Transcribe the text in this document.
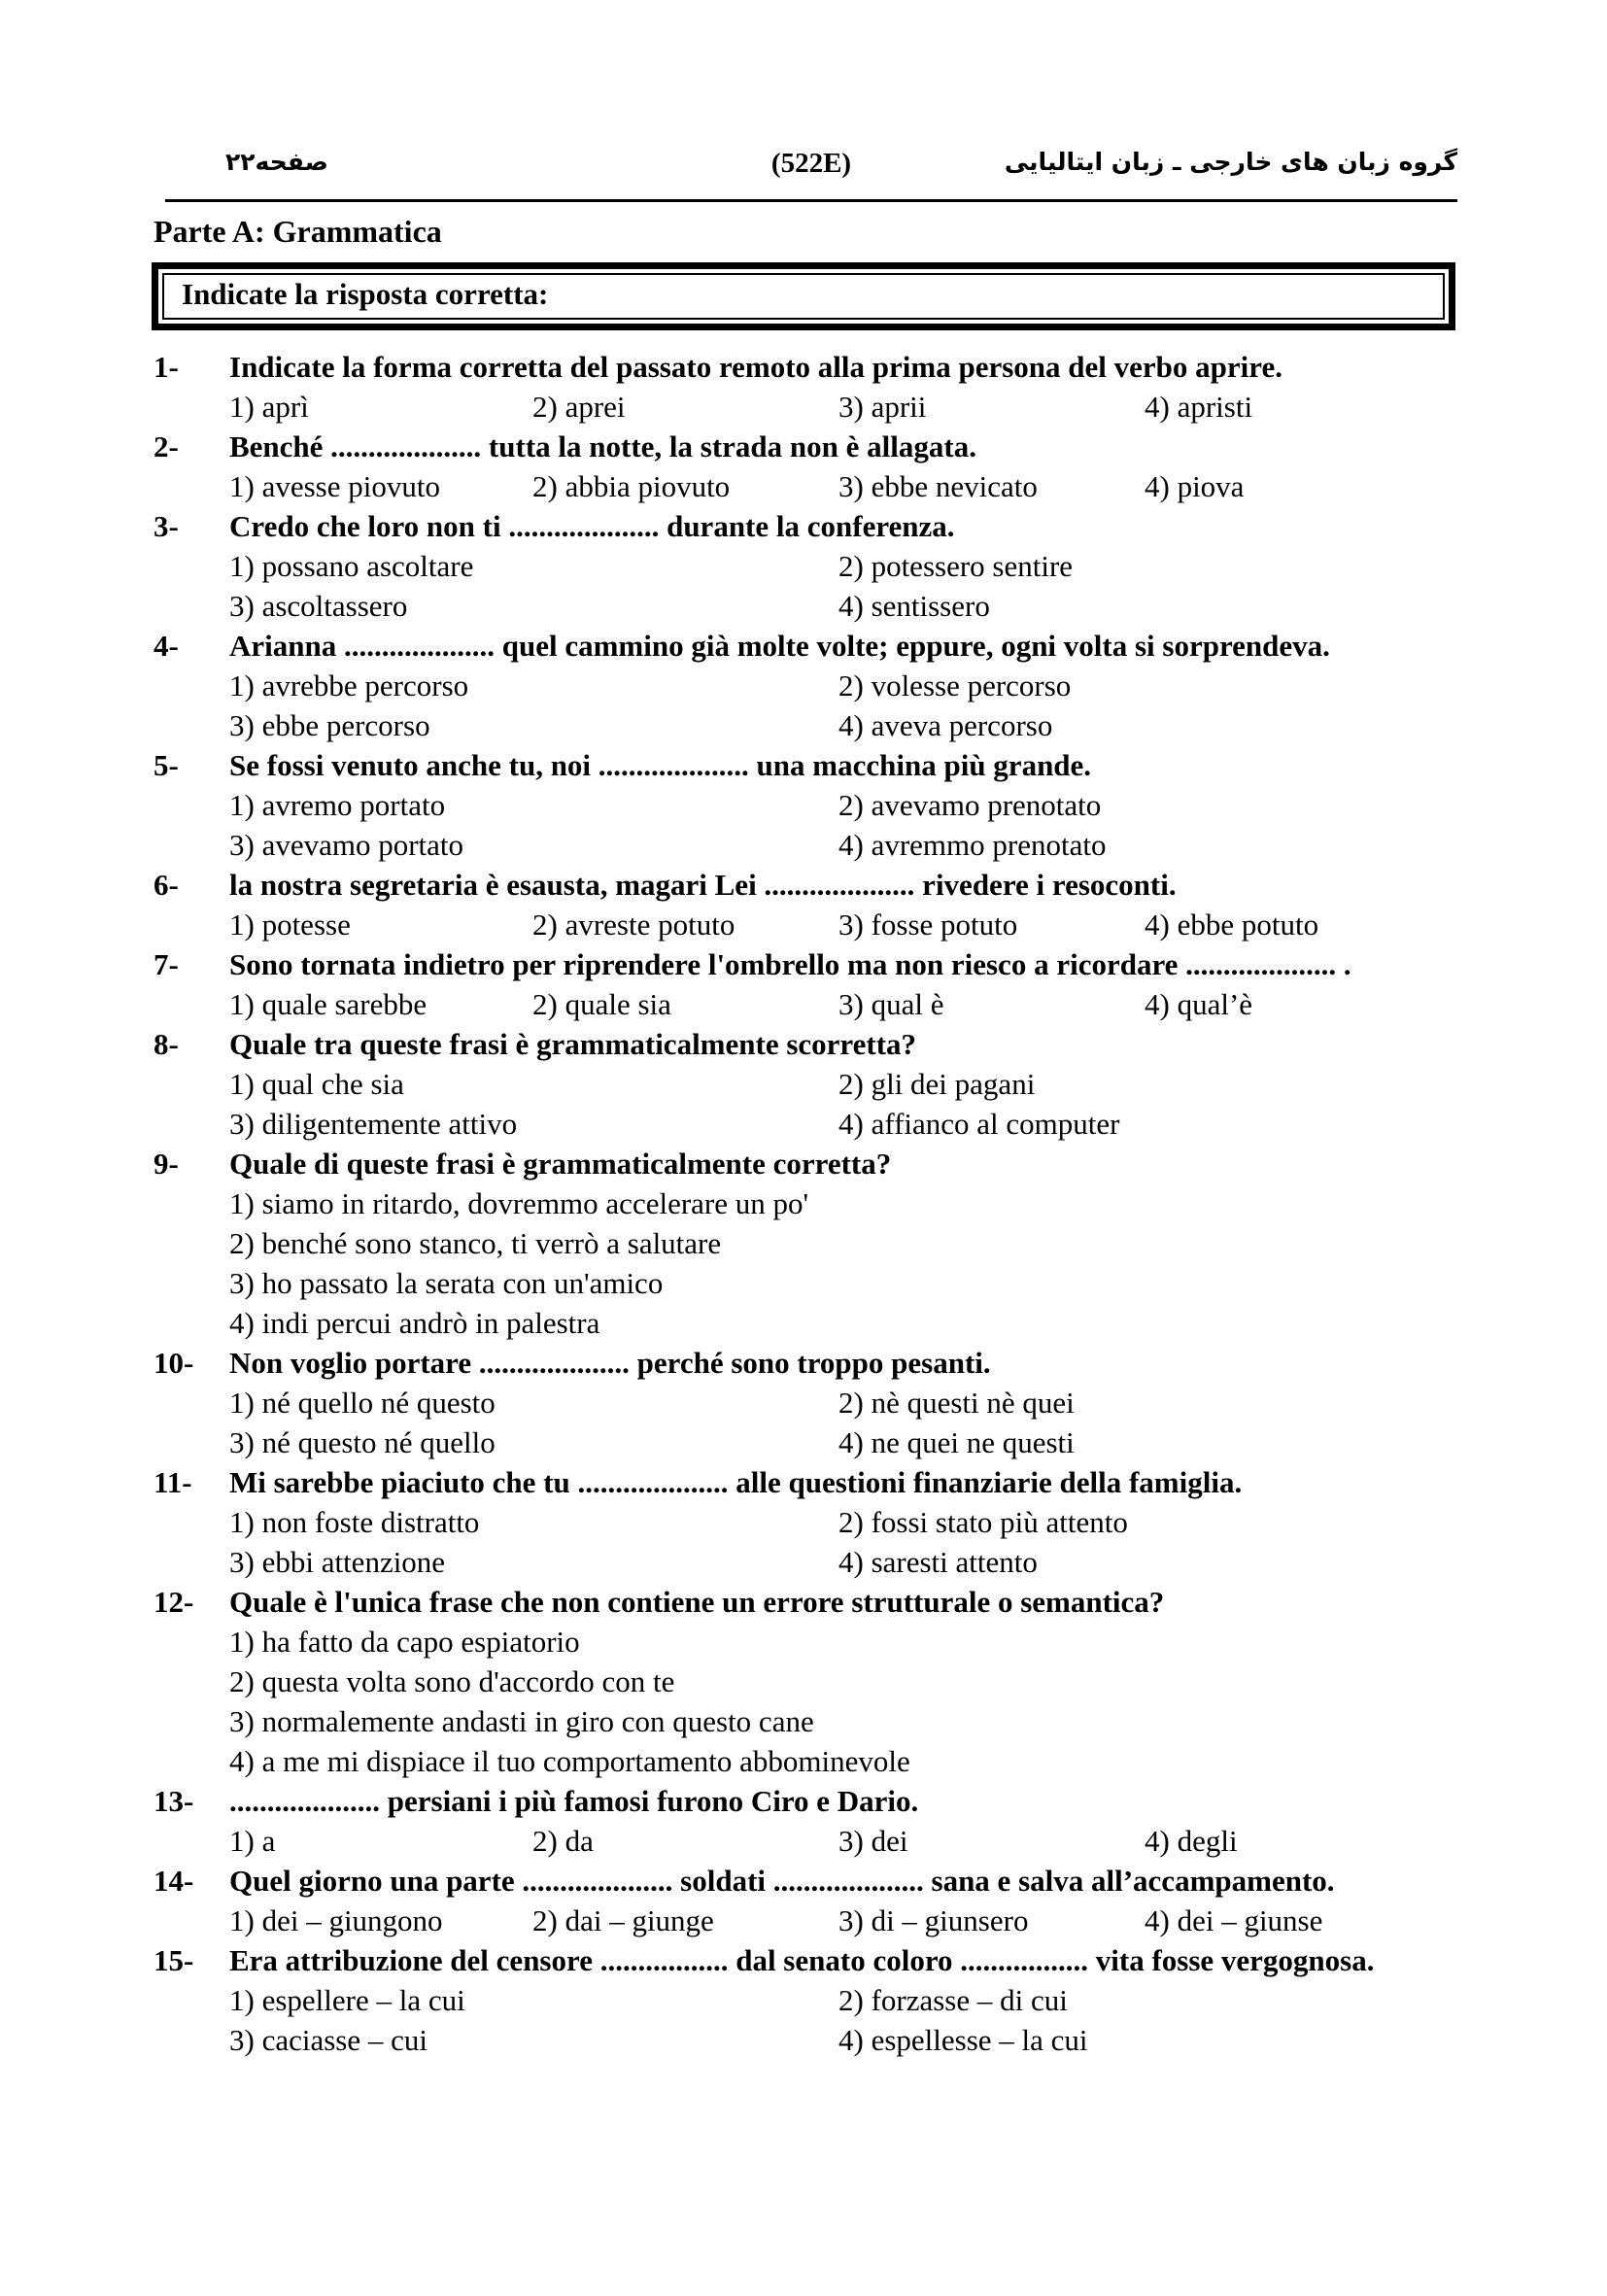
گروه زبان های خارجی ـ زبان ایتالیایی
(522E)
صفحه۲۲
Parte A: Grammatica
Indicate la risposta corretta:
1-	Indicate la forma corretta del passato remoto alla prima persona del verbo aprire.
1) aprì	2) aprei	3) aprii	4) apristi
2-	Benché .................... tutta la notte, la strada non è allagata.
1) avesse piovuto	2) abbia piovuto	3) ebbe nevicato	4) piova
3-	Credo che loro non ti .................... durante la conferenza.
1) possano ascoltare	2) potessero sentire
3) ascoltassero	4) sentissero
4-	Arianna .................... quel cammino già molte volte; eppure, ogni volta si sorprendeva.
1) avrebbe percorso	2) volesse percorso
3) ebbe percorso	4) aveva percorso
5-	Se fossi venuto anche tu, noi .................... una macchina più grande.
1) avremo portato	2) avevamo prenotato
3) avevamo portato	4) avremmo prenotato
6-	la nostra segretaria è esausta, magari Lei .................... rivedere i resoconti.
1) potesse	2) avreste potuto	3) fosse potuto	4) ebbe potuto
7-	Sono tornata indietro per riprendere l'ombrello ma non riesco a ricordare .................... .
1) quale sarebbe	2) quale sia	3) qual è	4) qual’è
8-	Quale tra queste frasi è grammaticalmente scorretta?
1) qual che sia	2) gli dei pagani
3) diligentemente attivo	4) affianco al computer
9-	Quale di queste frasi è grammaticalmente corretta?
1) siamo in ritardo, dovremmo accelerare un po'
2) benché sono stanco, ti verrò a salutare
3) ho passato la serata con un'amico
4) indi percui andrò in palestra
10-	Non voglio portare .................... perché sono troppo pesanti.
1) né quello né questo	2) nè questi nè quei
3) né questo né quello	4) ne quei ne questi
11-	Mi sarebbe piaciuto che tu .................... alle questioni finanziarie della famiglia.
1) non foste distratto	2) fossi stato più attento
3) ebbi attenzione	4) saresti attento
12-	Quale è l'unica frase che non contiene un errore strutturale o semantica?
1) ha fatto da capo espiatorio
2) questa volta sono d'accordo con te
3) normalemente andasti in giro con questo cane
4) a me mi dispiace il tuo comportamento abbominevole
13-	.................... persiani i più famosi furono Ciro e Dario.
1) a	2) da	3) dei	4) degli
14-	Quel giorno una parte .................... soldati .................... sana e salva all’accampamento.
1) dei – giungono	2) dai – giunge	3) di – giunsero	4) dei – giunse
15-	Era attribuzione del censore ................. dal senato coloro ................. vita fosse vergognosa.
1) espellere – la cui	2) forzasse – di cui
3) caciasse – cui	4) espellesse – la cui
